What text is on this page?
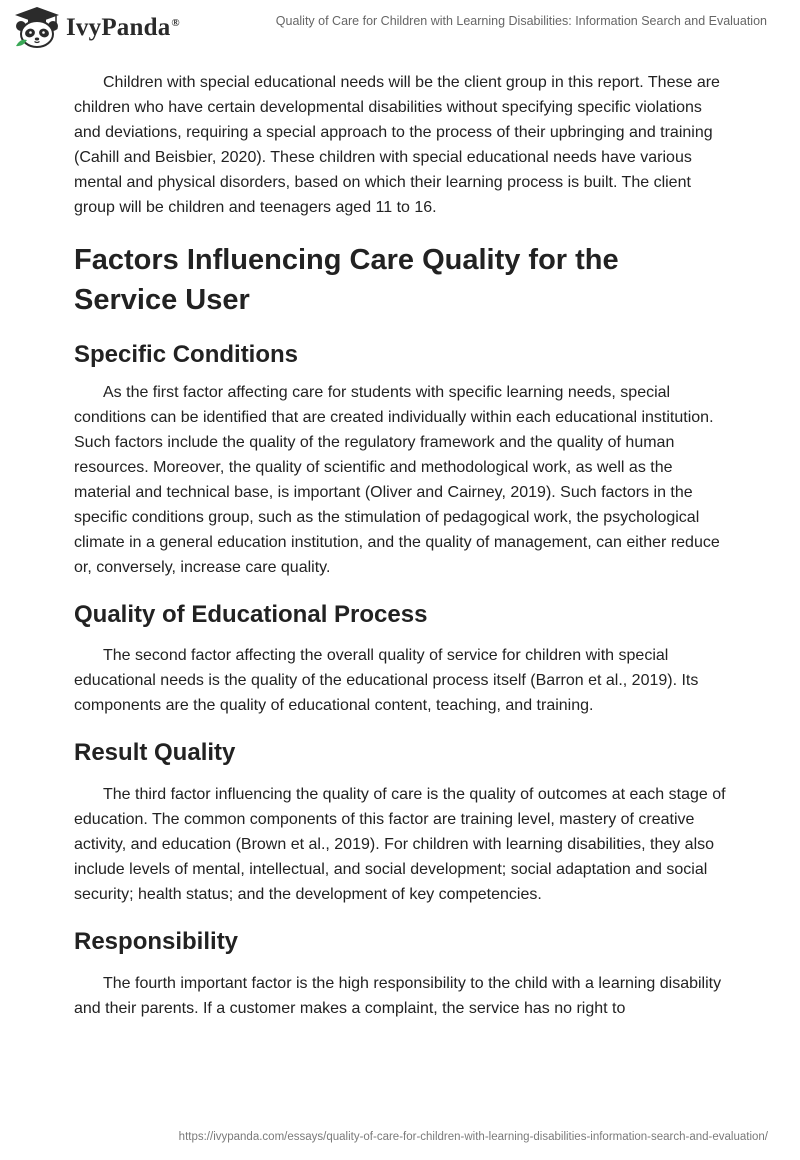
IvyPanda®	Quality of Care for Children with Learning Disabilities: Information Search and Evaluation

Children with special educational needs will be the client group in this report. These are children who have certain developmental disabilities without specifying specific violations and deviations, requiring a special approach to the process of their upbringing and training (Cahill and Beisbier, 2020). These children with special educational needs have various mental and physical disorders, based on which their learning process is built. The client group will be children and teenagers aged 11 to 16.

Factors Influencing Care Quality for the Service User
Specific Conditions

As the first factor affecting care for students with specific learning needs, special conditions can be identified that are created individually within each educational institution. Such factors include the quality of the regulatory framework and the quality of human resources. Moreover, the quality of scientific and methodological work, as well as the material and technical base, is important (Oliver and Cairney, 2019). Such factors in the specific conditions group, such as the stimulation of pedagogical work, the psychological climate in a general education institution, and the quality of management, can either reduce or, conversely, increase care quality.

Quality of Educational Process

The second factor affecting the overall quality of service for children with special educational needs is the quality of the educational process itself (Barron et al., 2019). Its components are the quality of educational content, teaching, and training.

Result Quality

The third factor influencing the quality of care is the quality of outcomes at each stage of education. The common components of this factor are training level, mastery of creative activity, and education (Brown et al., 2019). For children with learning disabilities, they also include levels of mental, intellectual, and social development; social adaptation and social security; health status; and the development of key competencies.

Responsibility

The fourth important factor is the high responsibility to the child with a learning disability and their parents. If a customer makes a complaint, the service has no right to

https://ivypanda.com/essays/quality-of-care-for-children-with-learning-disabilities-information-search-and-evaluation/
